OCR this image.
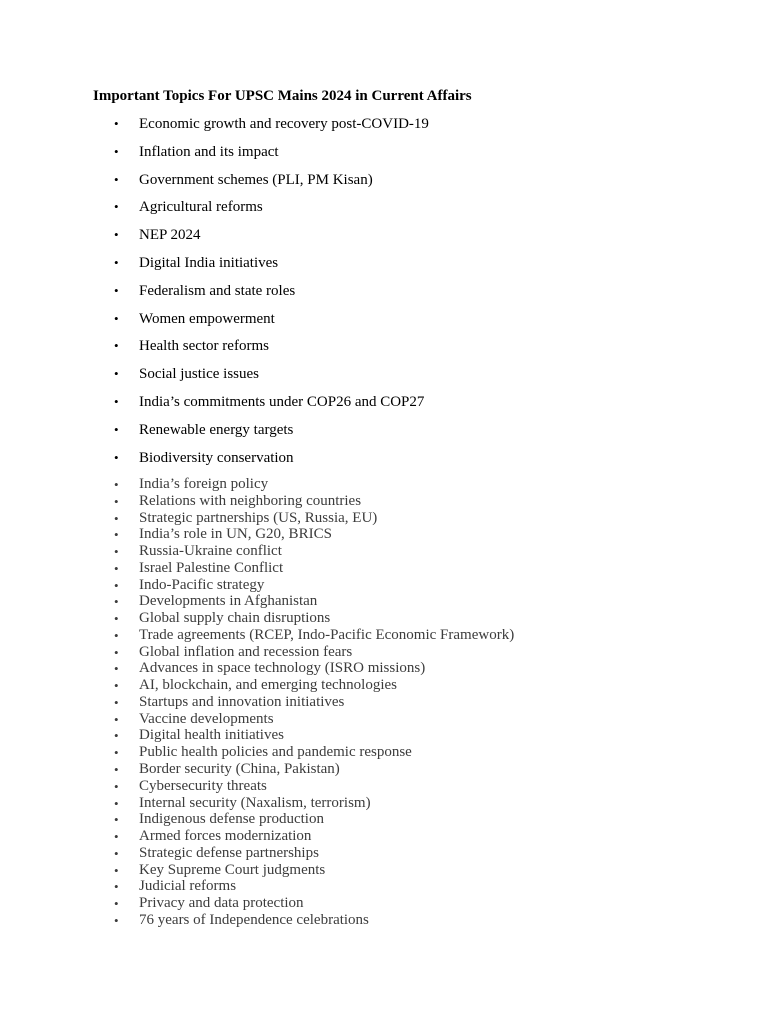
Important Topics For UPSC Mains 2024 in Current Affairs
• Economic growth and recovery post-COVID-19
• Inflation and its impact
• Government schemes (PLI, PM Kisan)
• Agricultural reforms
• NEP 2024
• Digital India initiatives
• Federalism and state roles
• Women empowerment
• Health sector reforms
• Social justice issues
• India’s commitments under COP26 and COP27
• Renewable energy targets
• Biodiversity conservation
• India’s foreign policy
• Relations with neighboring countries
• Strategic partnerships (US, Russia, EU)
• India’s role in UN, G20, BRICS
• Russia-Ukraine conflict
• Israel Palestine Conflict
• Indo-Pacific strategy
• Developments in Afghanistan
• Global supply chain disruptions
• Trade agreements (RCEP, Indo-Pacific Economic Framework)
• Global inflation and recession fears
• Advances in space technology (ISRO missions)
• AI, blockchain, and emerging technologies
• Startups and innovation initiatives
• Vaccine developments
• Digital health initiatives
• Public health policies and pandemic response
• Border security (China, Pakistan)
• Cybersecurity threats
• Internal security (Naxalism, terrorism)
• Indigenous defense production
• Armed forces modernization
• Strategic defense partnerships
• Key Supreme Court judgments
• Judicial reforms
• Privacy and data protection
• 76 years of Independence celebrations
